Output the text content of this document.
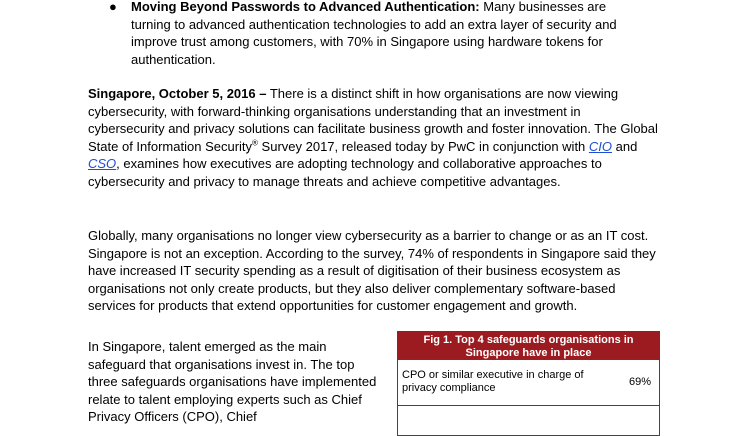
● Moving Beyond Passwords to Advanced Authentication: Many businesses are turning to advanced authentication technologies to add an extra layer of security and improve trust among customers, with 70% in Singapore using hardware tokens for authentication.

Singapore, October 5, 2016 – There is a distinct shift in how organisations are now viewing cybersecurity, with forward-thinking organisations understanding that an investment in cybersecurity and privacy solutions can facilitate business growth and foster innovation. The Global State of Information Security® Survey 2017, released today by PwC in conjunction with CIO and CSO, examines how executives are adopting technology and collaborative approaches to cybersecurity and privacy to manage threats and achieve competitive advantages.

Globally, many organisations no longer view cybersecurity as a barrier to change or as an IT cost. Singapore is not an exception. According to the survey, 74% of respondents in Singapore said they have increased IT security spending as a result of digitisation of their business ecosystem as organisations not only create products, but they also deliver complementary software-based services for products that extend opportunities for customer engagement and growth.

In Singapore, talent emerged as the main safeguard that organisations invest in. The top three safeguards organisations have implemented relate to talent employing experts such as Chief Privacy Officers (CPO), Chief

Fig 1. Top 4 safeguards organisations in Singapore have in place
CPO or similar executive in charge of privacy compliance
69%
